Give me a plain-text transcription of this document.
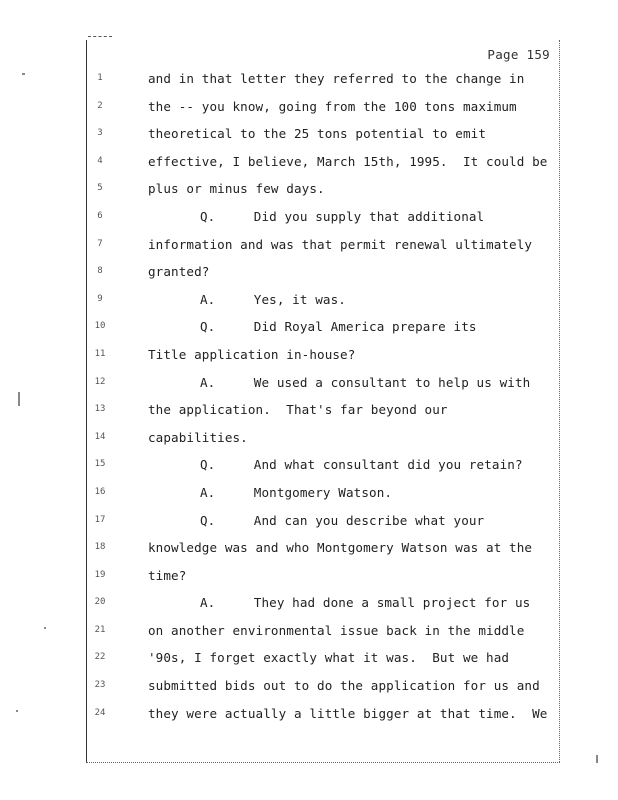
Page 159
1	and in that letter they referred to the change in
2	the -- you know, going from the 100 tons maximum
3	theoretical to the 25 tons potential to emit
4	effective, I believe, March 15th, 1995.  It could be
5	plus or minus few days.
6	Q.     Did you supply that additional
7	information and was that permit renewal ultimately
8	granted?
9	A.     Yes, it was.
10	Q.     Did Royal America prepare its
11	Title application in-house?
12	A.     We used a consultant to help us with
13	the application.  That's far beyond our
14	capabilities.
15	Q.     And what consultant did you retain?
16	A.     Montgomery Watson.
17	Q.     And can you describe what your
18	knowledge was and who Montgomery Watson was at the
19	time?
20	A.     They had done a small project for us
21	on another environmental issue back in the middle
22	'90s, I forget exactly what it was.  But we had
23	submitted bids out to do the application for us and
24	they were actually a little bigger at that time.  We
